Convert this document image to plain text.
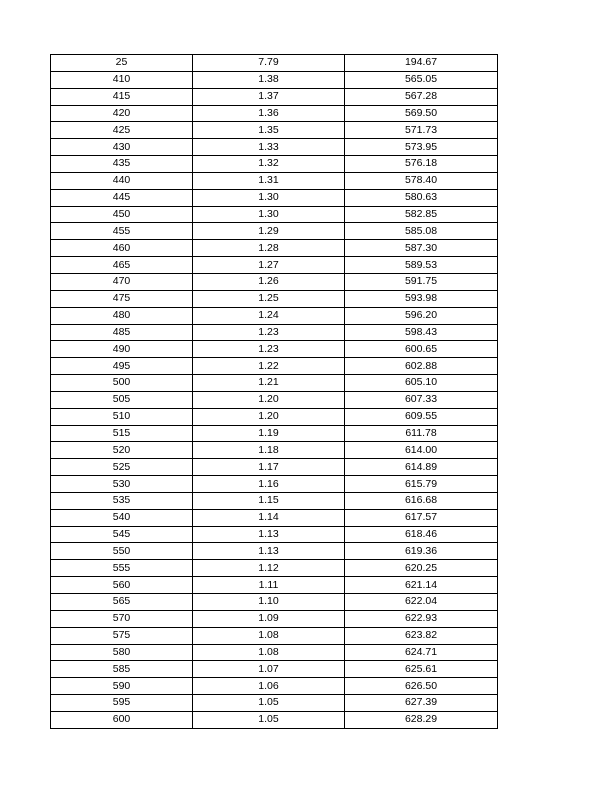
25	7.79	194.67
410	1.38	565.05
415	1.37	567.28
420	1.36	569.50
425	1.35	571.73
430	1.33	573.95
435	1.32	576.18
440	1.31	578.40
445	1.30	580.63
450	1.30	582.85
455	1.29	585.08
460	1.28	587.30
465	1.27	589.53
470	1.26	591.75
475	1.25	593.98
480	1.24	596.20
485	1.23	598.43
490	1.23	600.65
495	1.22	602.88
500	1.21	605.10
505	1.20	607.33
510	1.20	609.55
515	1.19	611.78
520	1.18	614.00
525	1.17	614.89
530	1.16	615.79
535	1.15	616.68
540	1.14	617.57
545	1.13	618.46
550	1.13	619.36
555	1.12	620.25
560	1.11	621.14
565	1.10	622.04
570	1.09	622.93
575	1.08	623.82
580	1.08	624.71
585	1.07	625.61
590	1.06	626.50
595	1.05	627.39
600	1.05	628.29
